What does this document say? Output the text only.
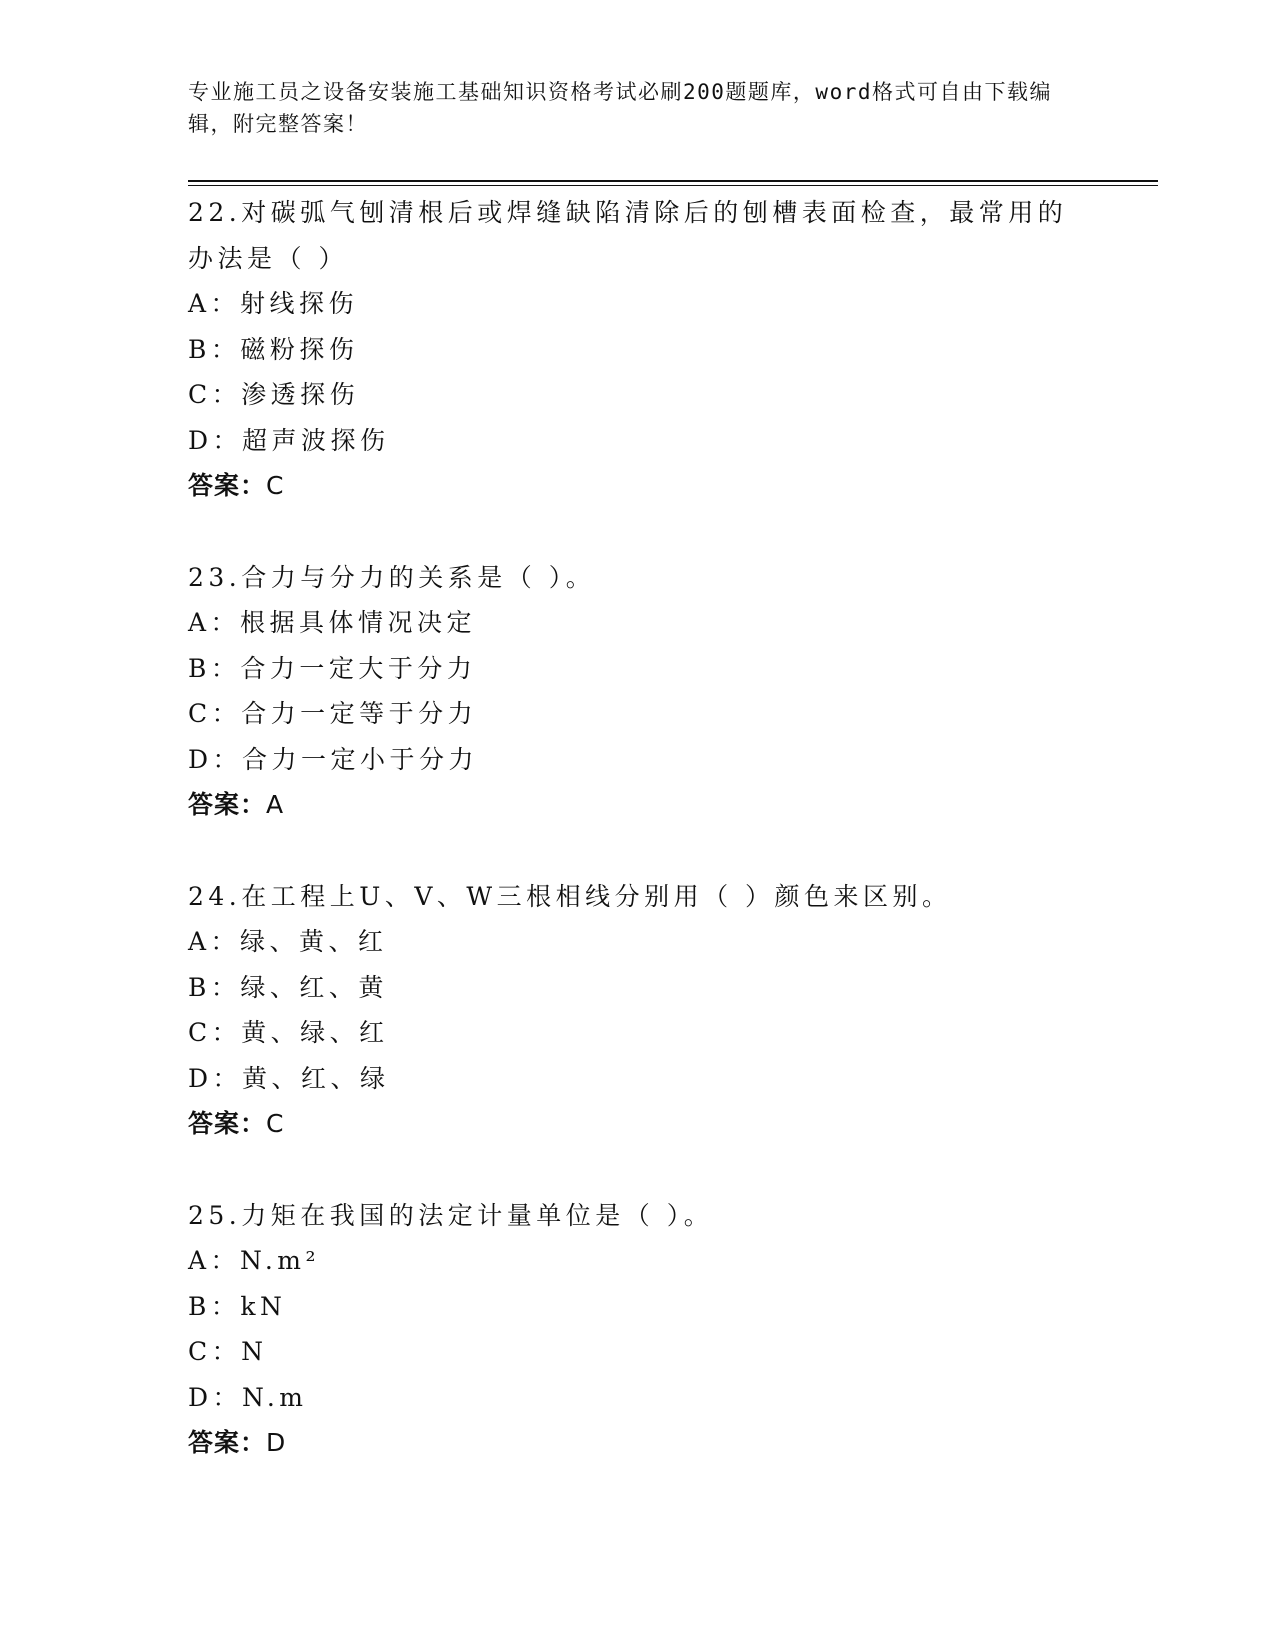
专业施工员之设备安装施工基础知识资格考试必刷200题题库，word格式可自由下载编辑，附完整答案！
22.对碳弧气刨清根后或焊缝缺陷清除后的刨槽表面检查，最常用的办法是（ ）
A：射线探伤
B：磁粉探伤
C：渗透探伤
D：超声波探伤
答案：C
23.合力与分力的关系是（ ）。
A：根据具体情况决定
B：合力一定大于分力
C：合力一定等于分力
D：合力一定小于分力
答案：A
24.在工程上U、V、W三根相线分别用（ ）颜色来区别。
A：绿、黄、红
B：绿、红、黄
C：黄、绿、红
D：黄、红、绿
答案：C
25.力矩在我国的法定计量单位是（ ）。
A：N.m²
B：kN
C：N
D：N.m
答案：D
